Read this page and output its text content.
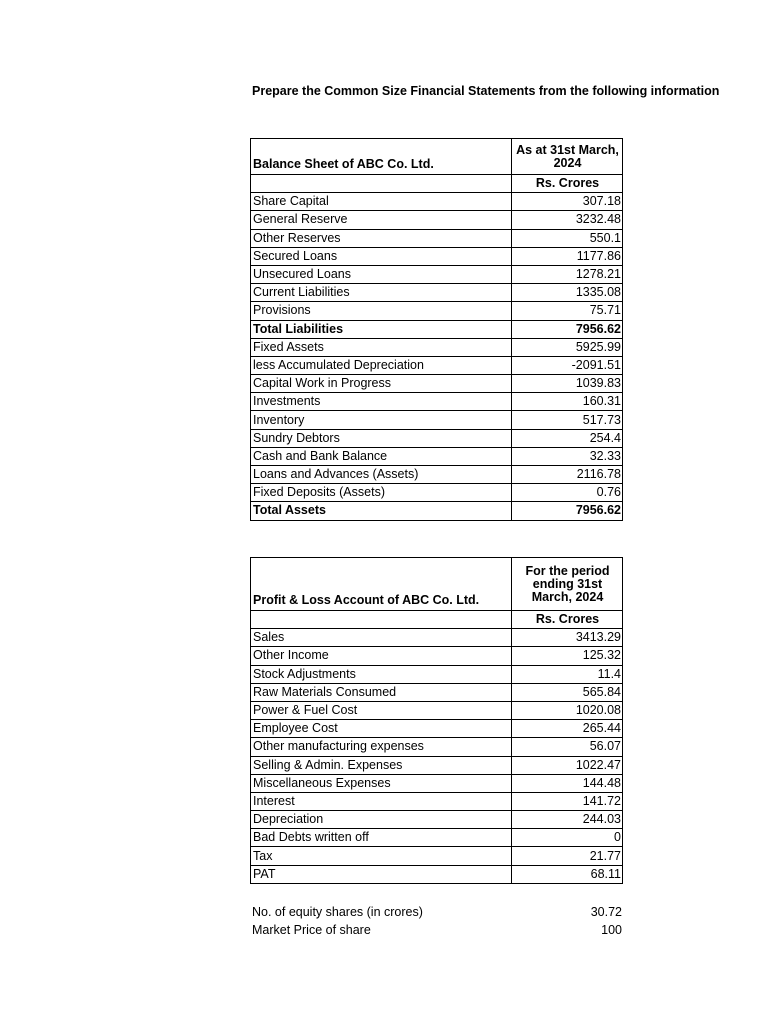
Prepare the Common Size Financial Statements from the following information
Balance Sheet of ABC Co. Ltd.	As at 31st March, 2024
	Rs. Crores
Share Capital	307.18
General Reserve	3232.48
Other Reserves	550.1
Secured Loans	1177.86
Unsecured Loans	1278.21
Current Liabilities	1335.08
Provisions	75.71
Total Liabilities	7956.62
Fixed Assets	5925.99
less Accumulated Depreciation	-2091.51
Capital Work in Progress	1039.83
Investments	160.31
Inventory	517.73
Sundry Debtors	254.4
Cash and Bank Balance	32.33
Loans and Advances (Assets)	2116.78
Fixed Deposits (Assets)	0.76
Total Assets	7956.62
Profit & Loss Account of ABC Co. Ltd.	For the period ending 31st March, 2024
	Rs. Crores
Sales	3413.29
Other Income	125.32
Stock Adjustments	11.4
Raw Materials Consumed	565.84
Power & Fuel Cost	1020.08
Employee Cost	265.44
Other manufacturing expenses	56.07
Selling & Admin. Expenses	1022.47
Miscellaneous Expenses	144.48
Interest	141.72
Depreciation	244.03
Bad Debts written off	0
Tax	21.77
PAT	68.11
No. of equity shares (in crores)	30.72
Market Price of share	100
